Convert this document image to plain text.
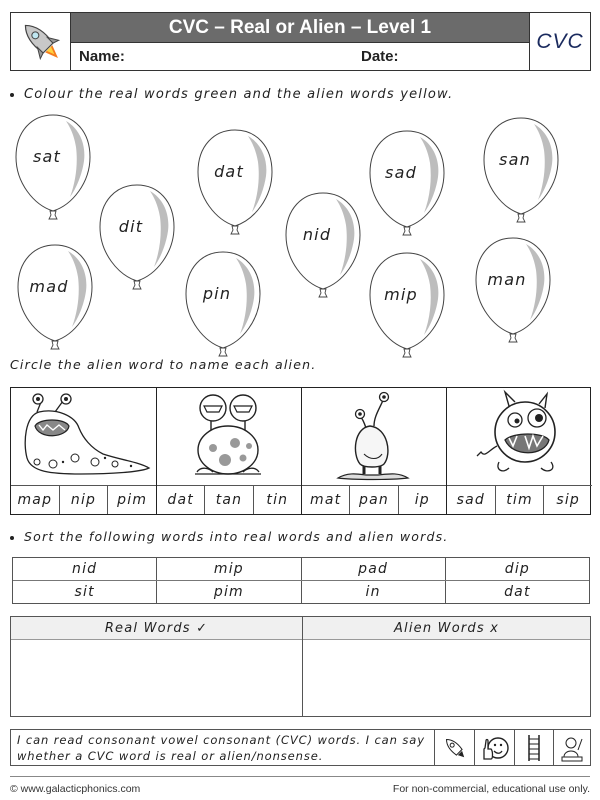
CVC – Real or Alien – Level 1
Name:	Date:
CVC
Colour the real words green and the alien words yellow.
sat
dit
mad
dat
pin
nid
sad
mip
san
man
Circle the alien word to name each alien.
map	nip	pim	dat	tan	tin	mat	pan	ip	sad	tim	sip
Sort the following words into real words and alien words.
nid	mip	pad	dip
sit	pim	in	dat
Real Words ✓	Alien Words x
I can read consonant vowel consonant (CVC) words. I can say whether a CVC word is real or alien/nonsense.
© www.galacticphonics.com	For non-commercial, educational use only.
